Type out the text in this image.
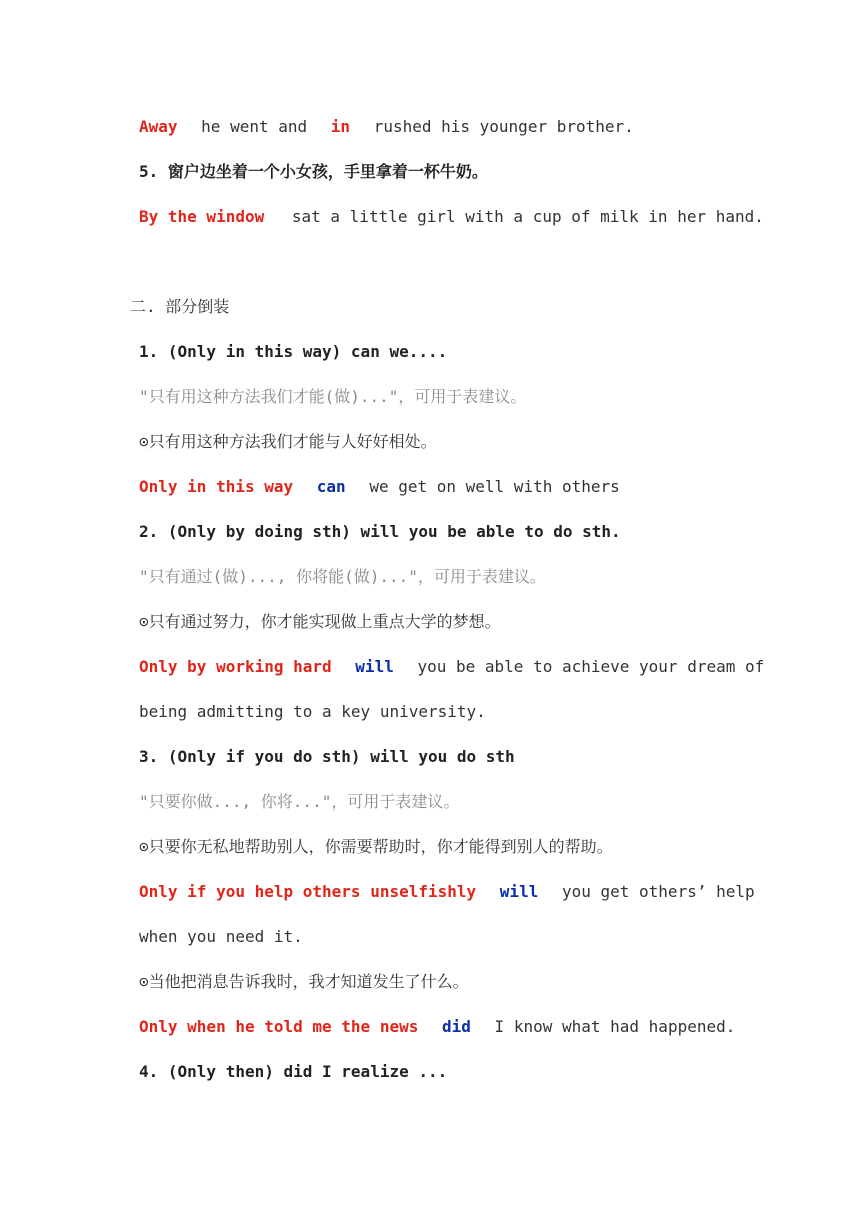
Away he went and in rushed his younger brother.
5. 窗户边坐着一个小女孩，手里拿着一杯牛奶。
By the window sat a little girl with a cup of milk in her hand.
二. 部分倒装
1. (Only in this way) can we....
"只有用这种方法我们才能(做)..."，可用于表建议。
⊙只有用这种方法我们才能与人好好相处。
Only in this way can we get on well with others
2. (Only by doing sth) will you be able to do sth.
"只有通过(做)..., 你将能(做)..."，可用于表建议。
⊙只有通过努力，你才能实现做上重点大学的梦想。
Only by working hard will you be able to achieve your dream of
being admitting to a key university.
3. (Only if you do sth) will you do sth
"只要你做..., 你将..."，可用于表建议。
⊙只要你无私地帮助别人，你需要帮助时，你才能得到别人的帮助。
Only if you help others unselfishly will you get others’ help
when you need it.
⊙当他把消息告诉我时，我才知道发生了什么。
Only when he told me the news did I know what had happened.
4. (Only then) did I realize ...
